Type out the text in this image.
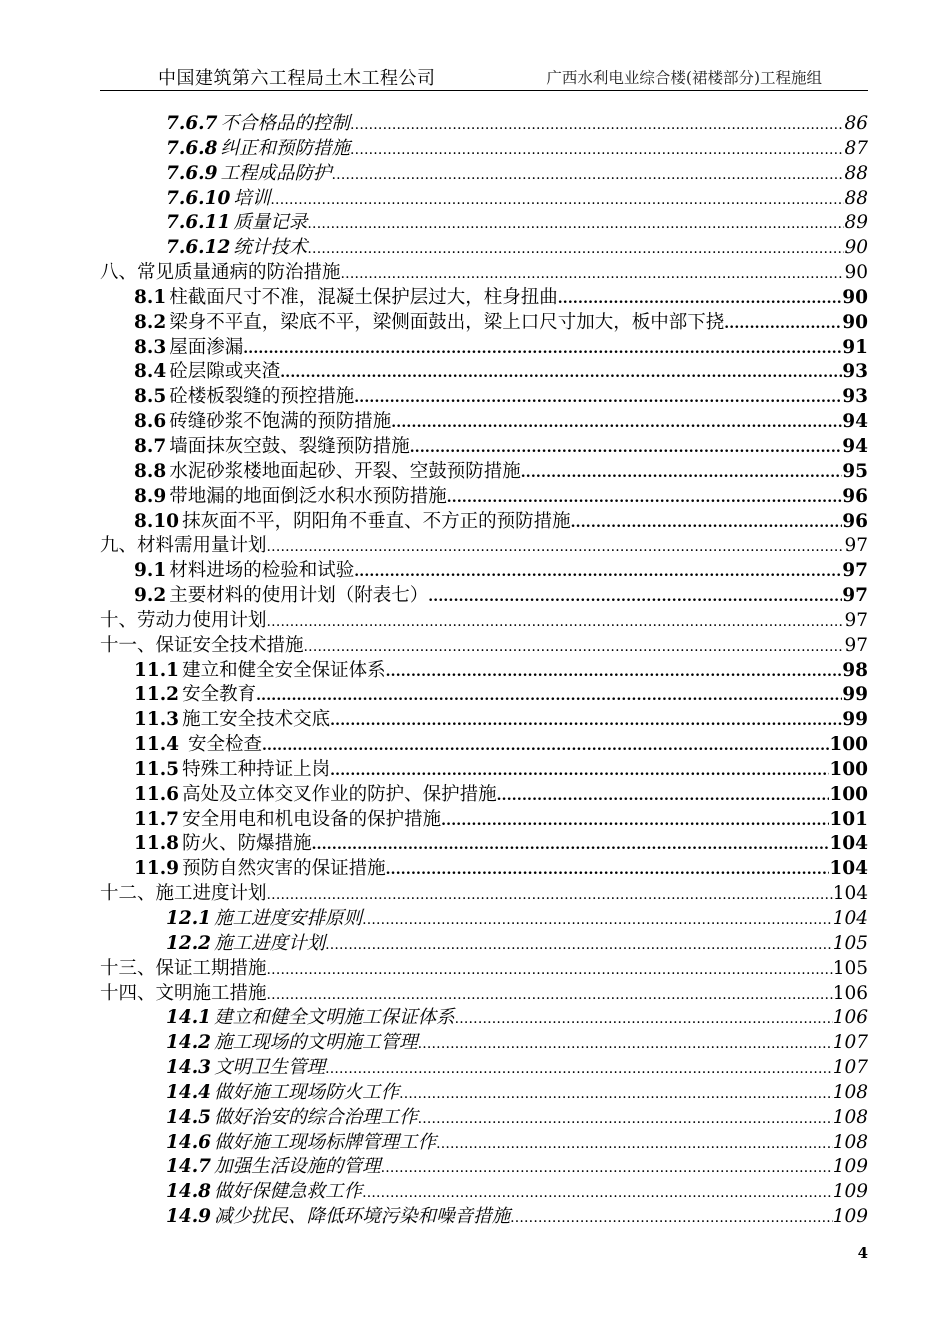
中国建筑第六工程局土木工程公司	广西水利电业综合楼(裙楼部分)工程施组
7.6.7 不合格品的控制 .....	86
7.6.8 纠正和预防措施 .....	87
7.6.9 工程成品防护 .....	88
7.6.10 培训 .....	88
7.6.11 质量记录 .....	89
7.6.12 统计技术 .....	90
八、常见质量通病的防治措施 .....	90
8.1 柱截面尺寸不准，混凝土保护层过大，柱身扭曲 .....	90
8.2 梁身不平直，梁底不平，梁侧面鼓出，梁上口尺寸加大，板中部下挠 .....	90
8.3 屋面渗漏 .....	91
8.4 砼层隙或夹渣 .....	93
8.5 砼楼板裂缝的预控措施 .....	93
8.6 砖缝砂浆不饱满的预防措施 .....	94
8.7 墙面抹灰空鼓、裂缝预防措施 .....	94
8.8 水泥砂浆楼地面起砂、开裂、空鼓预防措施 .....	95
8.9 带地漏的地面倒泛水积水预防措施 .....	96
8.10 抹灰面不平，阴阳角不垂直、不方正的预防措施 .....	96
九、材料需用量计划 .....	97
9.1 材料进场的检验和试验 .....	97
9.2 主要材料的使用计划（附表七） .....	97
十、劳动力使用计划 .....	97
十一、保证安全技术措施 .....	97
11.1 建立和健全安全保证体系 .....	98
11.2 安全教育 .....	99
11.3 施工安全技术交底 .....	99
11.4 安全检查 .....	100
11.5 特殊工种持证上岗 .....	100
11.6 高处及立体交叉作业的防护、保护措施 .....	100
11.7 安全用电和机电设备的保护措施 .....	101
11.8 防火、防爆措施 .....	104
11.9 预防自然灾害的保证措施 .....	104
十二、施工进度计划 .....	104
12.1 施工进度安排原则 .....	104
12.2 施工进度计划 .....	105
十三、保证工期措施 .....	105
十四、文明施工措施 .....	106
14.1 建立和健全文明施工保证体系 .....	106
14.2 施工现场的文明施工管理 .....	107
14.3 文明卫生管理 .....	107
14.4 做好施工现场防火工作 .....	108
14.5 做好治安的综合治理工作 .....	108
14.6 做好施工现场标牌管理工作 .....	108
14.7 加强生活设施的管理 .....	109
14.8 做好保健急救工作 .....	109
14.9 减少扰民、降低环境污染和噪音措施 .....	109
4
